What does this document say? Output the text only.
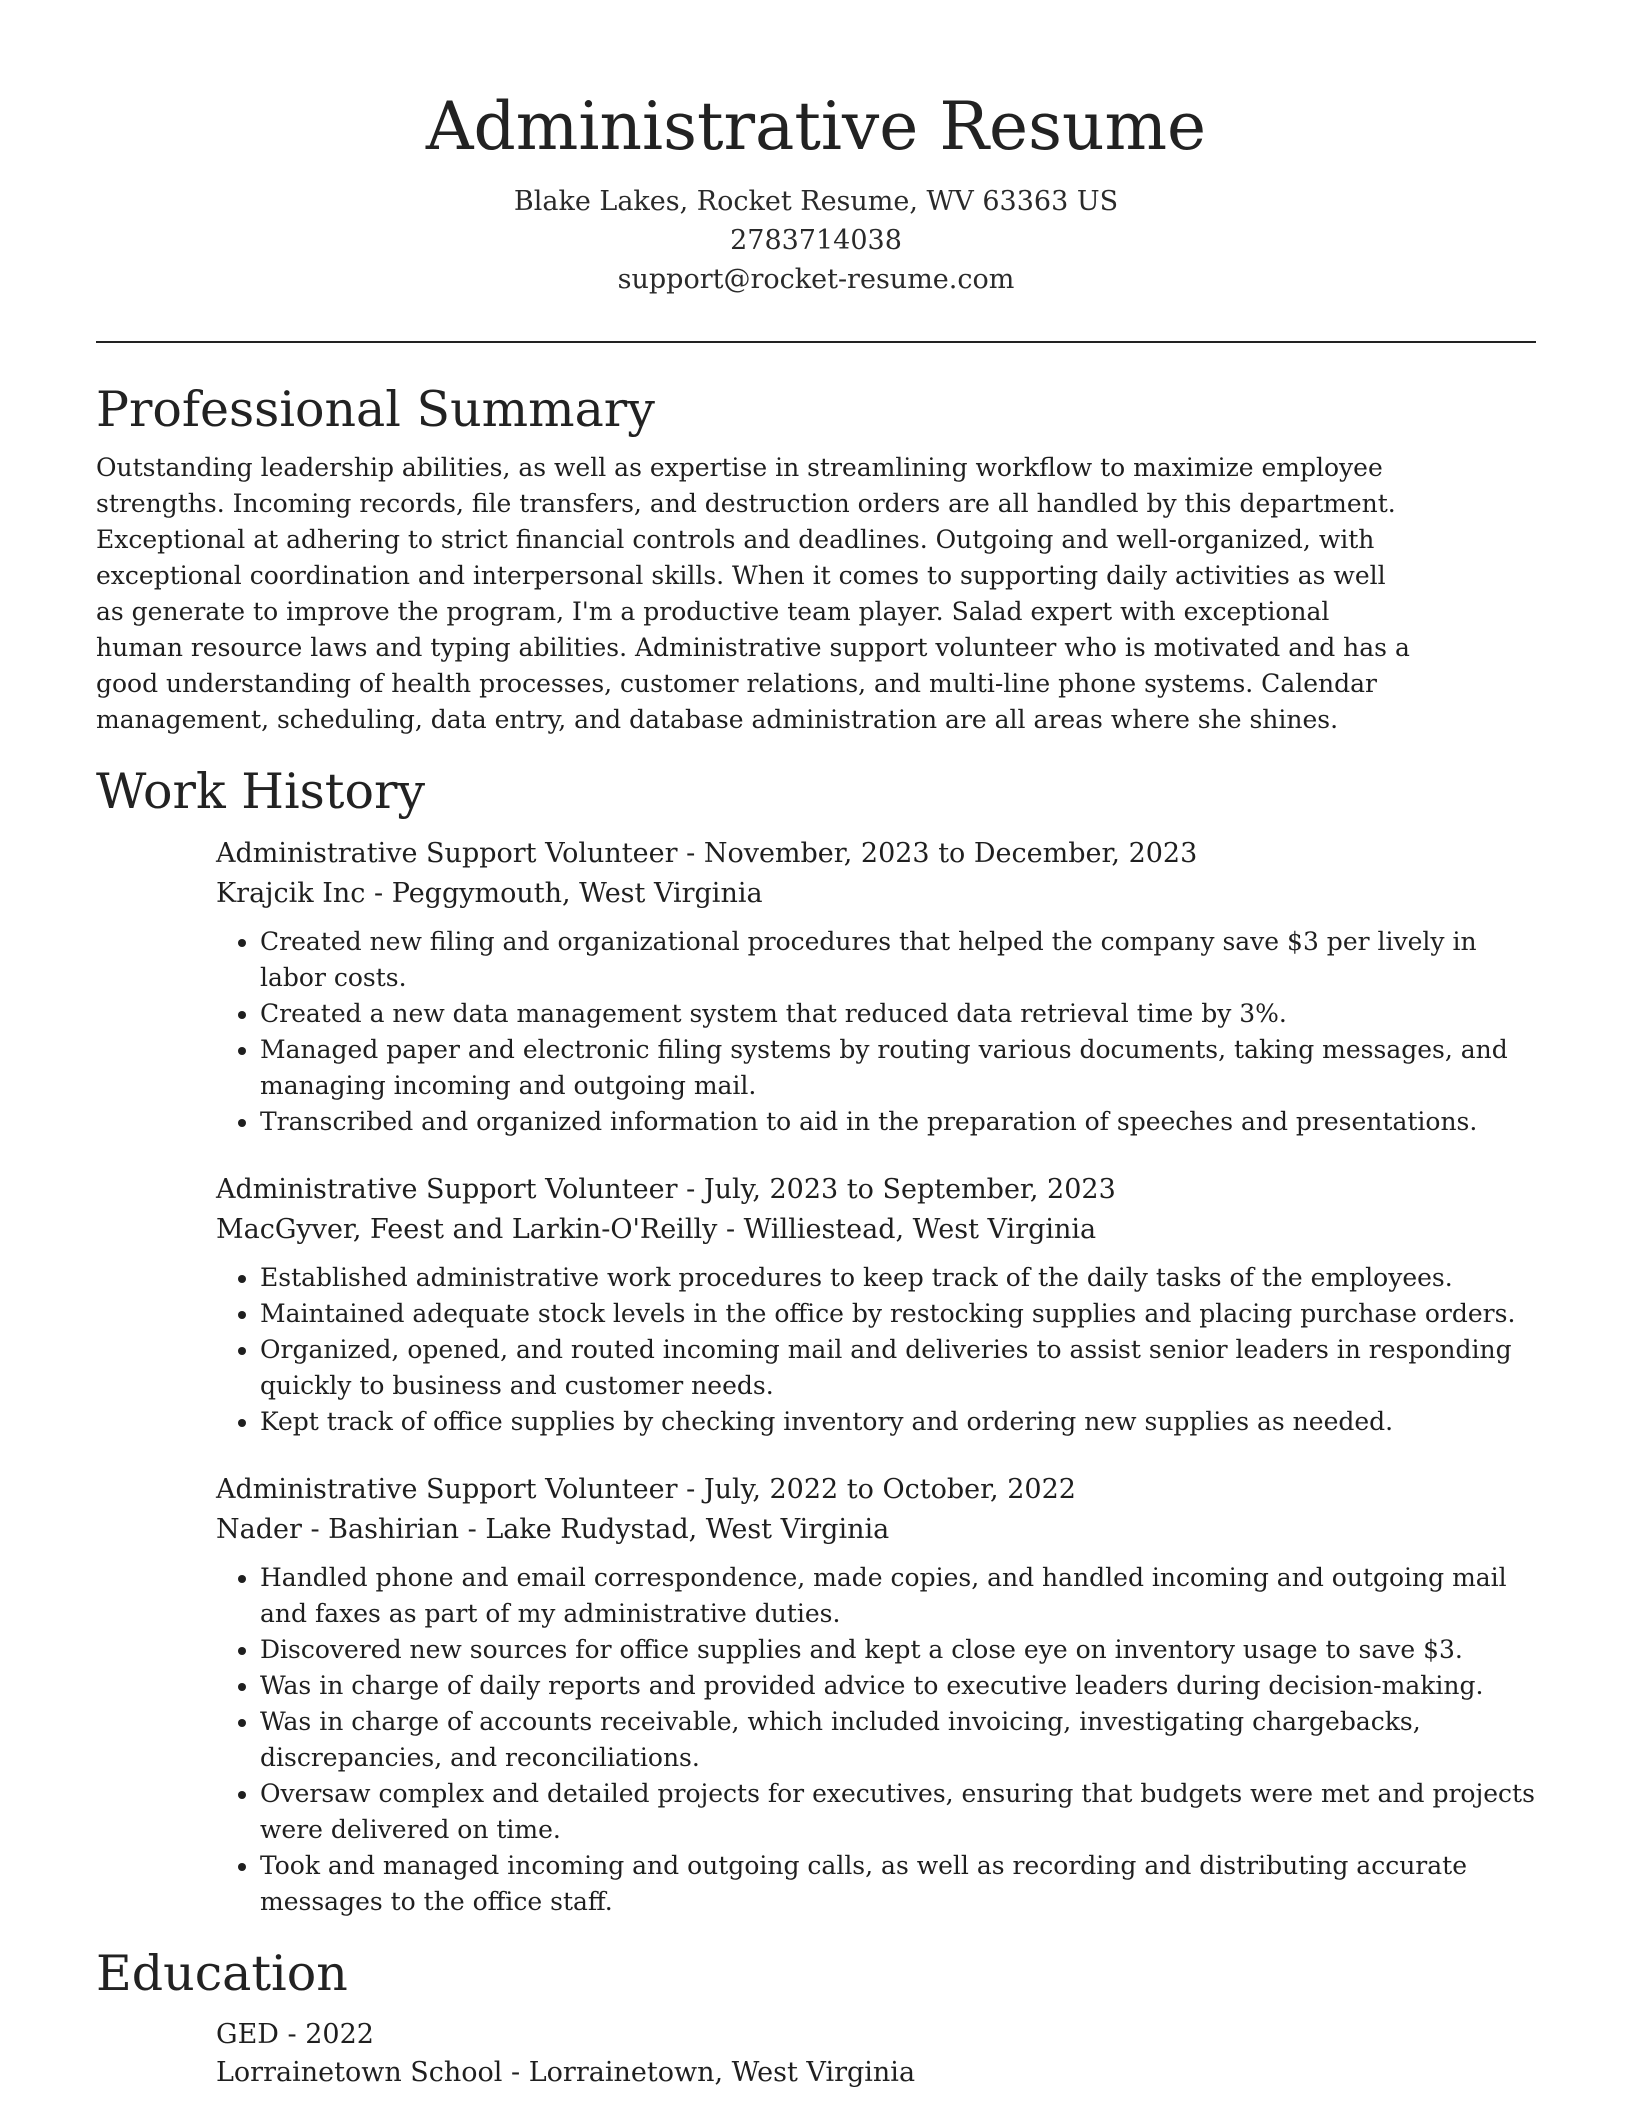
Administrative Resume
Blake Lakes, Rocket Resume, WV 63363 US
2783714038
support@rocket-resume.com
Professional Summary

Outstanding leadership abilities, as well as expertise in streamlining workflow to maximize employee strengths. Incoming records, file transfers, and destruction orders are all handled by this department. Exceptional at adhering to strict financial controls and deadlines. Outgoing and well-organized, with exceptional coordination and interpersonal skills. When it comes to supporting daily activities as well as generate to improve the program, I'm a productive team player. Salad expert with exceptional human resource laws and typing abilities. Administrative support volunteer who is motivated and has a good understanding of health processes, customer relations, and multi-line phone systems. Calendar management, scheduling, data entry, and database administration are all areas where she shines.

Work History
Administrative Support Volunteer - November, 2023 to December, 2023
Krajcik Inc - Peggymouth, West Virginia
• Created new filing and organizational procedures that helped the company save $3 per lively in labor costs.
• Created a new data management system that reduced data retrieval time by 3%.
• Managed paper and electronic filing systems by routing various documents, taking messages, and managing incoming and outgoing mail.
• Transcribed and organized information to aid in the preparation of speeches and presentations.
Administrative Support Volunteer - July, 2023 to September, 2023
MacGyver, Feest and Larkin-O'Reilly - Williestead, West Virginia
• Established administrative work procedures to keep track of the daily tasks of the employees.
• Maintained adequate stock levels in the office by restocking supplies and placing purchase orders.
• Organized, opened, and routed incoming mail and deliveries to assist senior leaders in responding quickly to business and customer needs.
• Kept track of office supplies by checking inventory and ordering new supplies as needed.
Administrative Support Volunteer - July, 2022 to October, 2022
Nader - Bashirian - Lake Rudystad, West Virginia
• Handled phone and email correspondence, made copies, and handled incoming and outgoing mail and faxes as part of my administrative duties.
• Discovered new sources for office supplies and kept a close eye on inventory usage to save $3.
• Was in charge of daily reports and provided advice to executive leaders during decision-making.
• Was in charge of accounts receivable, which included invoicing, investigating chargebacks, discrepancies, and reconciliations.
• Oversaw complex and detailed projects for executives, ensuring that budgets were met and projects were delivered on time.
• Took and managed incoming and outgoing calls, as well as recording and distributing accurate messages to the office staff.
Education
GED - 2022
Lorrainetown School - Lorrainetown, West Virginia
